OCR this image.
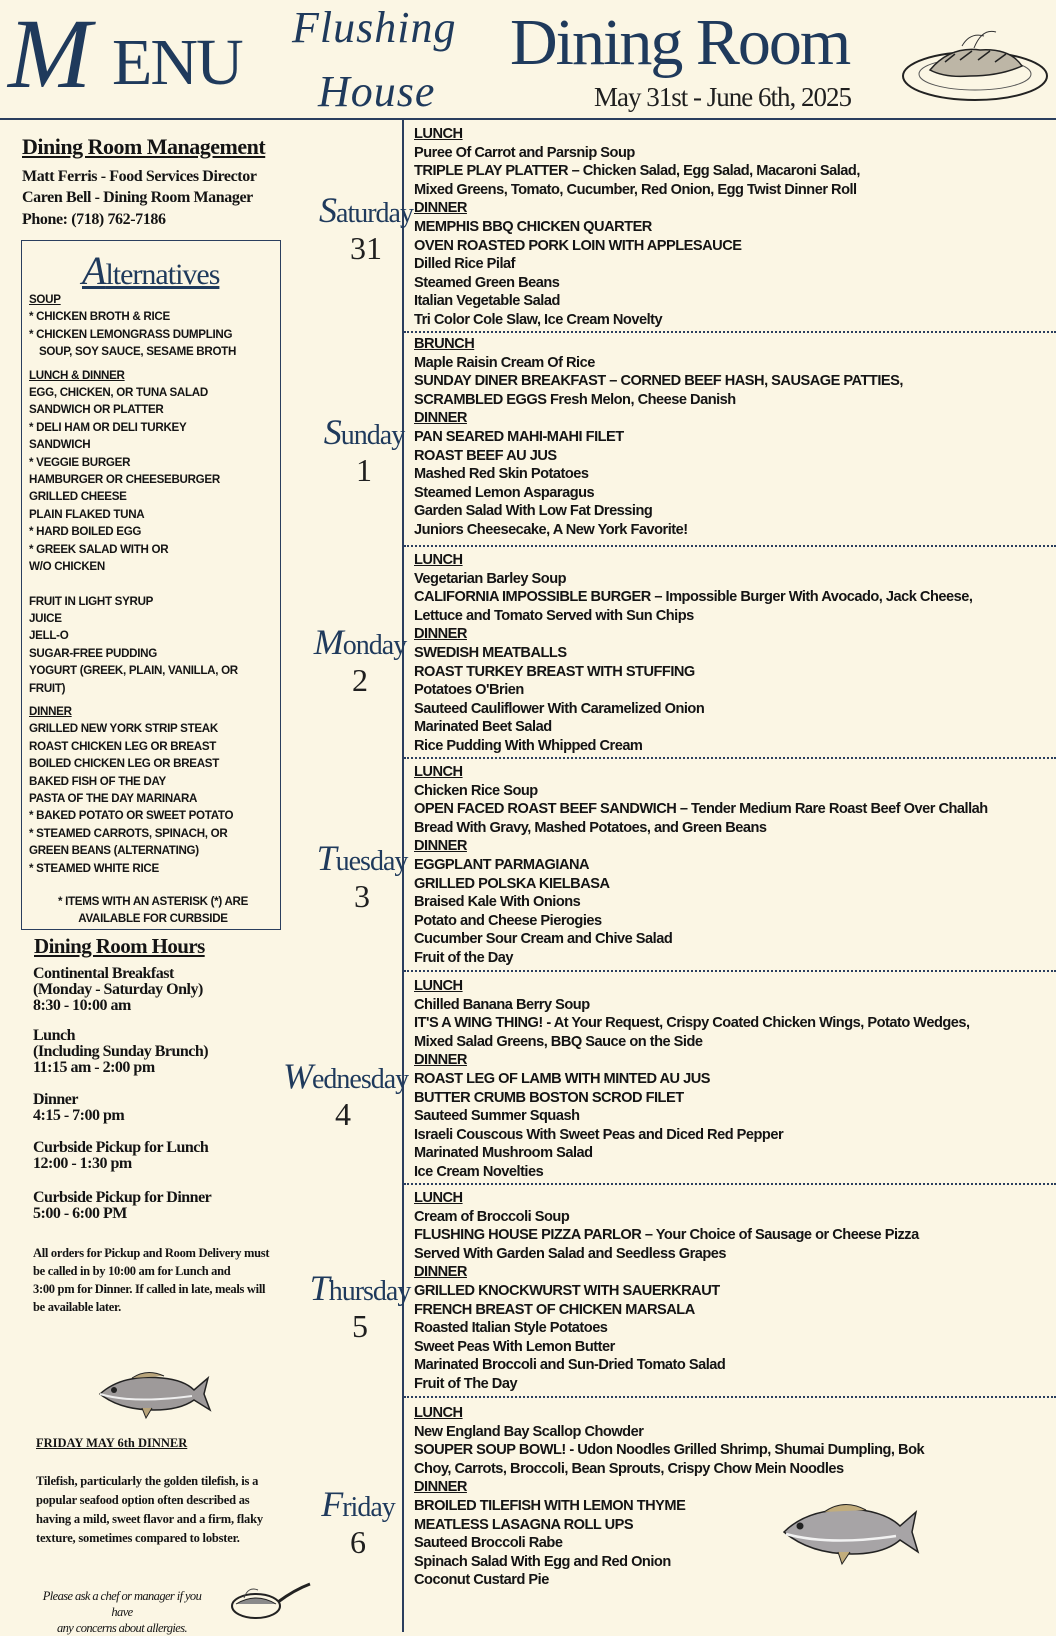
M ENU Flushing
House
Dining Room
May 31st - June 6th, 2025
Dining Room Management
Matt Ferris - Food Services Director
Caren Bell - Dining Room Manager
Phone: (718) 762-7186
Alternatives
SOUP
* CHICKEN BROTH & RICE
* CHICKEN LEMONGRASS DUMPLING
SOUP, SOY SAUCE, SESAME BROTH
LUNCH & DINNER
EGG, CHICKEN, OR TUNA SALAD
SANDWICH OR PLATTER
* DELI HAM OR DELI TURKEY
SANDWICH
* VEGGIE BURGER
HAMBURGER OR CHEESEBURGER
GRILLED CHEESE
PLAIN FLAKED TUNA
* HARD BOILED EGG
* GREEK SALAD WITH OR
W/O CHICKEN
FRUIT IN LIGHT SYRUP
JUICE
JELL-O
SUGAR-FREE PUDDING
YOGURT (GREEK, PLAIN, VANILLA, OR
FRUIT)
DINNER
GRILLED NEW YORK STRIP STEAK
ROAST CHICKEN LEG OR BREAST
BOILED CHICKEN LEG OR BREAST
BAKED FISH OF THE DAY
PASTA OF THE DAY MARINARA
* BAKED POTATO OR SWEET POTATO
* STEAMED CARROTS, SPINACH, OR
GREEN BEANS (ALTERNATING)
* STEAMED WHITE RICE
* ITEMS WITH AN ASTERISK (*) ARE
AVAILABLE FOR CURBSIDE
Dining Room Hours
Continental Breakfast
(Monday - Saturday Only)
8:30 - 10:00 am
Lunch
(Including Sunday Brunch)
11:15 am - 2:00 pm
Dinner
4:15 - 7:00 pm
Curbside Pickup for Lunch
12:00 - 1:30 pm
Curbside Pickup for Dinner
5:00 - 6:00 PM
All orders for Pickup and Room Delivery must
be called in by 10:00 am for Lunch and
3:00 pm for Dinner. If called in late, meals will
be available later.
FRIDAY MAY 6th DINNER
Tilefish, particularly the golden tilefish, is a
popular seafood option often described as
having a mild, sweet flavor and a firm, flaky
texture, sometimes compared to lobster.
Please ask a chef or manager if you have
any concerns about allergies.
Saturday
31
Sunday
1
Monday
2
Tuesday
3
Wednesday
4
Thursday
5
Friday
6
LUNCH
Puree Of Carrot and Parsnip Soup
TRIPLE PLAY PLATTER – Chicken Salad, Egg Salad, Macaroni Salad,
Mixed Greens, Tomato, Cucumber, Red Onion, Egg Twist Dinner Roll
DINNER
MEMPHIS BBQ CHICKEN QUARTER
OVEN ROASTED PORK LOIN WITH APPLESAUCE
Dilled Rice Pilaf
Steamed Green Beans
Italian Vegetable Salad
Tri Color Cole Slaw, Ice Cream Novelty
BRUNCH
Maple Raisin Cream Of Rice
SUNDAY DINER BREAKFAST – CORNED BEEF HASH, SAUSAGE PATTIES,
SCRAMBLED EGGS Fresh Melon, Cheese Danish
DINNER
PAN SEARED MAHI-MAHI FILET
ROAST BEEF AU JUS
Mashed Red Skin Potatoes
Steamed Lemon Asparagus
Garden Salad With Low Fat Dressing
Juniors Cheesecake, A New York Favorite!
LUNCH
Vegetarian Barley Soup
CALIFORNIA IMPOSSIBLE BURGER – Impossible Burger With Avocado, Jack Cheese,
Lettuce and Tomato Served with Sun Chips
DINNER
SWEDISH MEATBALLS
ROAST TURKEY BREAST WITH STUFFING
Potatoes O'Brien
Sauteed Cauliflower With Caramelized Onion
Marinated Beet Salad
Rice Pudding With Whipped Cream
LUNCH
Chicken Rice Soup
OPEN FACED ROAST BEEF SANDWICH – Tender Medium Rare Roast Beef Over Challah
Bread With Gravy, Mashed Potatoes, and Green Beans
DINNER
EGGPLANT PARMAGIANA
GRILLED POLSKA KIELBASA
Braised Kale With Onions
Potato and Cheese Pierogies
Cucumber Sour Cream and Chive Salad
Fruit of the Day
LUNCH
Chilled Banana Berry Soup
IT'S A WING THING! - At Your Request, Crispy Coated Chicken Wings, Potato Wedges,
Mixed Salad Greens, BBQ Sauce on the Side
DINNER
ROAST LEG OF LAMB WITH MINTED AU JUS
BUTTER CRUMB BOSTON SCROD FILET
Sauteed Summer Squash
Israeli Couscous With Sweet Peas and Diced Red Pepper
Marinated Mushroom Salad
Ice Cream Novelties
LUNCH
Cream of Broccoli Soup
FLUSHING HOUSE PIZZA PARLOR – Your Choice of Sausage or Cheese Pizza
Served With Garden Salad and Seedless Grapes
DINNER
GRILLED KNOCKWURST WITH SAUERKRAUT
FRENCH BREAST OF CHICKEN MARSALA
Roasted Italian Style Potatoes
Sweet Peas With Lemon Butter
Marinated Broccoli and Sun-Dried Tomato Salad
Fruit of The Day
LUNCH
New England Bay Scallop Chowder
SOUPER SOUP BOWL! - Udon Noodles Grilled Shrimp, Shumai Dumpling, Bok
Choy, Carrots, Broccoli, Bean Sprouts, Crispy Chow Mein Noodles
DINNER
BROILED TILEFISH WITH LEMON THYME
MEATLESS LASAGNA ROLL UPS
Sauteed Broccoli Rabe
Spinach Salad With Egg and Red Onion
Coconut Custard Pie
